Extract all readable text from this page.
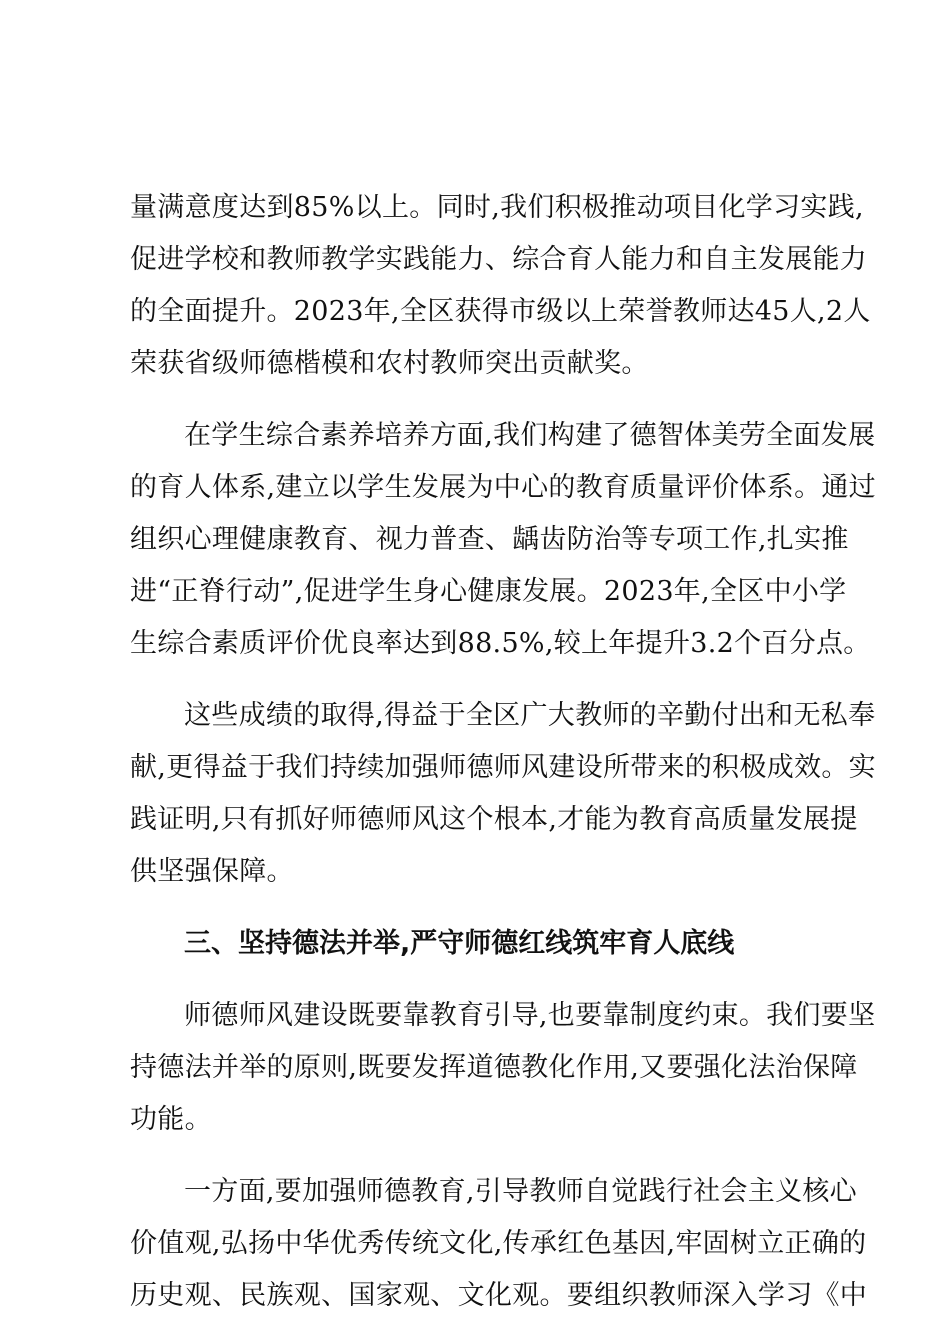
量满意度达到85%以上。同时,我们积极推动项目化学习实践,
促进学校和教师教学实践能力、综合育人能力和自主发展能力
的全面提升。2023年,全区获得市级以上荣誉教师达45人,2人
荣获省级师德楷模和农村教师突出贡献奖。
在学生综合素养培养方面,我们构建了德智体美劳全面发展
的育人体系,建立以学生发展为中心的教育质量评价体系。通过
组织心理健康教育、视力普查、龋齿防治等专项工作,扎实推
进“正脊行动”,促进学生身心健康发展。2023年,全区中小学
生综合素质评价优良率达到88.5%,较上年提升3.2个百分点。
这些成绩的取得,得益于全区广大教师的辛勤付出和无私奉
献,更得益于我们持续加强师德师风建设所带来的积极成效。实
践证明,只有抓好师德师风这个根本,才能为教育高质量发展提
供坚强保障。
三、坚持德法并举,严守师德红线筑牢育人底线
师德师风建设既要靠教育引导,也要靠制度约束。我们要坚
持德法并举的原则,既要发挥道德教化作用,又要强化法治保障
功能。
一方面,要加强师德教育,引导教师自觉践行社会主义核心
价值观,弘扬中华优秀传统文化,传承红色基因,牢固树立正确的
历史观、民族观、国家观、文化观。要组织教师深入学习《中
